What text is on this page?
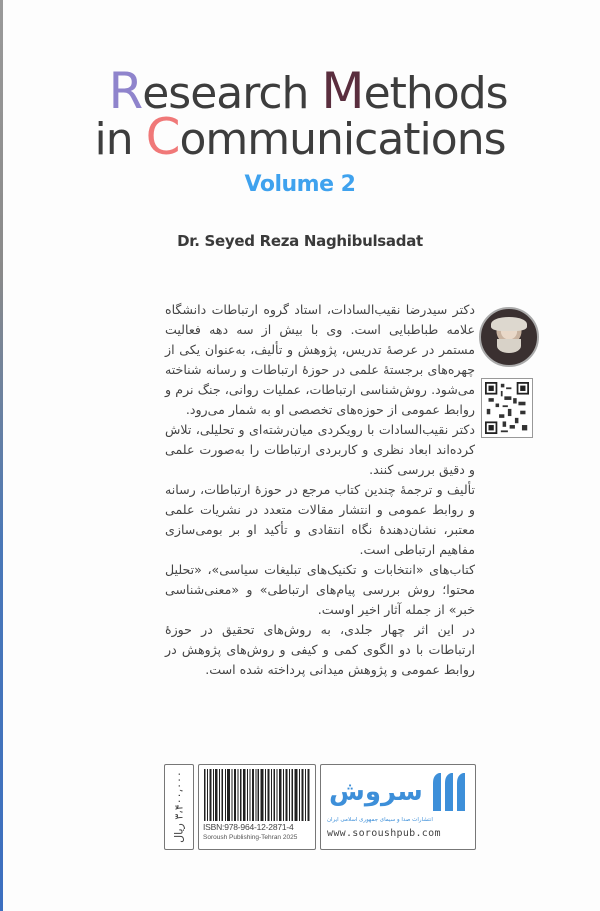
Research Methods
in Communications
Volume 2
Dr. Seyed Reza Naghibulsadat

دکتر سیدرضا نقیب‌السادات، استاد گروه ارتباطات دانشگاه علامه طباطبایی است. وی با بیش از سه دهه فعالیت مستمر در عرصهٔ تدریس، پژوهش و تألیف، به‌عنوان یکی از چهره‌های برجستهٔ علمی در حوزهٔ ارتباطات و رسانه شناخته می‌شود. روش‌شناسی ارتباطات، عملیات روانی، جنگ نرم و روابط عمومی از حوزه‌های تخصصی او به شمار می‌رود.

دکتر نقیب‌السادات با رویکردی میان‌رشته‌ای و تحلیلی، تلاش کرده‌اند ابعاد نظری و کاربردی ارتباطات را به‌صورت علمی و دقیق بررسی کنند.

تألیف و ترجمهٔ چندین کتاب مرجع در حوزهٔ ارتباطات، رسانه و روابط عمومی و انتشار مقالات متعدد در نشریات علمی معتبر، نشان‌دهندهٔ نگاه انتقادی و تأکید او بر بومی‌سازی مفاهیم ارتباطی است.

کتاب‌های «انتخابات و تکنیک‌های تبلیغات سیاسی»، «تحلیل محتوا؛ روش بررسی پیام‌های ارتباطی» و «معنی‌شناسی خبر» از جمله آثار اخیر اوست.

در این اثر چهار جلدی، به روش‌های تحقیق در حوزهٔ ارتباطات با دو الگوی کمی و کیفی و روش‌های پژوهش در روابط عمومی و پژوهش میدانی پرداخته شده است.

۳،۴۰۰،۰۰۰ ریال
ISBN:978-964-12-2871-4
Soroush Publishing-Tehran 2025
سروش
انتشارات صدا و سیمای جمهوری اسلامی ایران
www.soroushpub.com
